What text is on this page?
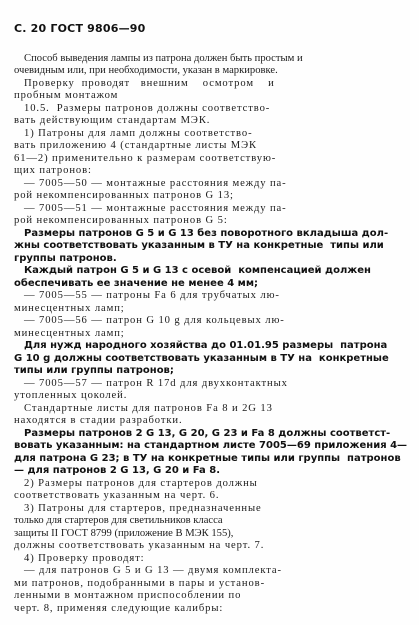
С. 20 ГОСТ 9806—90
Способ выведения лампы из патрона должен быть простым и
очевидным или, при необходимости, указан в маркировке.
Проверку  проводят   внешним    осмотром    и
пробным монтажом
10.5.  Размеры патронов должны соответство-
вать действующим стандартам МЭК.
1) Патроны для ламп должны соответство-
вать приложению 4 (стандартные листы МЭК
61—2) применительно к размерам соответствую-
щих патронов:
— 7005—50 — монтажные расстояния между па-
рой некомпенсированных патронов G 13;
— 7005—51 — монтажные расстояния между па-
рой некомпенсированных патронов G 5:
Размеры патронов G 5 и G 13 без поворотного вкладыша дол-
жны соответствовать указанным в ТУ на конкретные  типы или
группы патронов.
Каждый патрон G 5 и G 13 с осевой  компенсацией должен
обеспечивать ее значение не менее 4 мм;
— 7005—55 — патроны Fa 6 для трубчатых лю-
минесцентных ламп;
— 7005—56 — патрон G 10 g для кольцевых лю-
минесцентных ламп;
Для нужд народного хозяйства до 01.01.95 размеры  патрона
G 10 g должны соответствовать указанным в ТУ на  конкретные
типы или группы патронов;
— 7005—57 — патрон R 17d для двухконтактных
утопленных цоколей.
Стандартные листы для патронов Fa 8 и 2G 13
находятся в стадии разработки.
Размеры патронов 2 G 13, G 20, G 23 и Fa 8 должны соответст-
вовать указанным: на стандартном листе 7005—69 приложения 4—
для патрона G 23; в ТУ на конкретные типы или группы  патронов
— для патронов 2 G 13, G 20 и Fa 8.
2) Размеры патронов для стартеров должны
соответствовать указанным на черт. 6.
3) Патроны для стартеров, предназначенные
только для стартеров для светильников класса
защиты II ГОСТ 8799 (приложение В МЭК 155),
должны соответствовать указанным на черт. 7.
4) Проверку проводят:
— для патронов G 5 и G 13 — двумя комплекта-
ми патронов, подобранными в пары и установ-
ленными в монтажном приспособлении по
черт. 8, применяя следующие калибры:
